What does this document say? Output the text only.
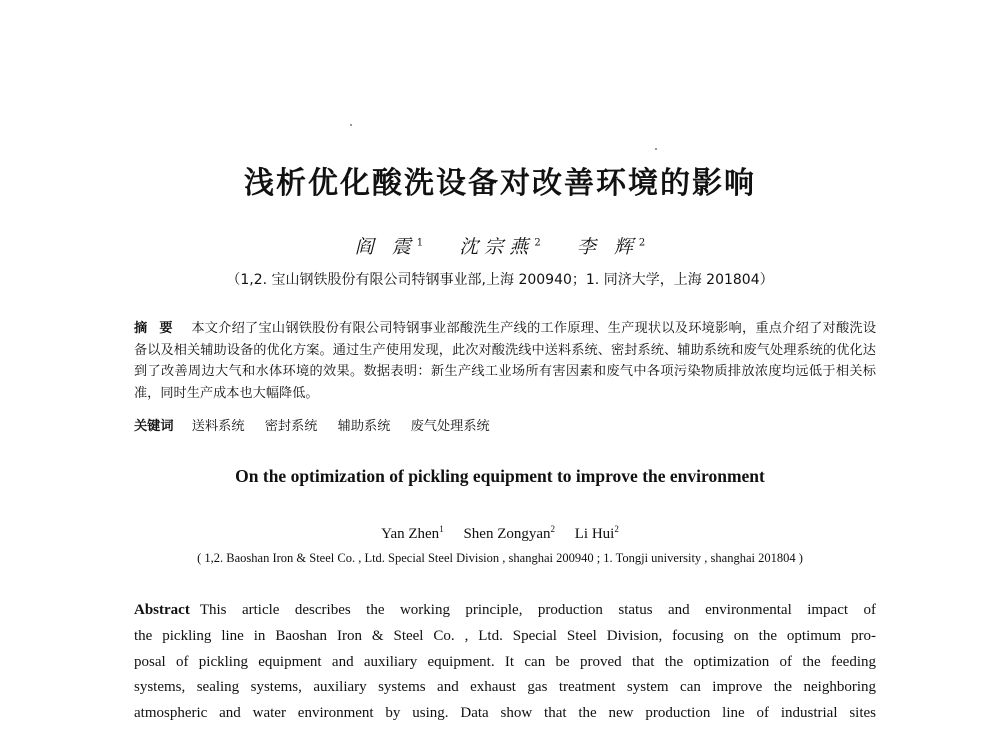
浅析优化酸洗设备对改善环境的影响
阎 震$^1$ 沈宗燕$^2$ 李 辉$^2$
（1,2. 宝山钢铁股份有限公司特钢事业部,上海 200940；1. 同济大学，上海 201804）
摘要 本文介绍了宝山钢铁股份有限公司特钢事业部酸洗生产线的工作原理、生产现状以及环境影响，重点介绍了对酸洗设备以及相关辅助设备的优化方案。通过生产使用发现，此次对酸洗线中送料系统、密封系统、辅助系统和废气处理系统的优化达到了改善周边大气和水体环境的效果。数据表明：新生产线工业场所有害因素和废气中各项污染物质排放浓度均远低于相关标准，同时生产成本也大幅降低。
关键词 送料系统 密封系统 辅助系统 废气处理系统
On the optimization of pickling equipment to improve the environment
Yan Zhen$^1$ Shen Zongyan$^2$ Li Hui$^2$
( 1,2. Baoshan Iron & Steel Co. , Ltd. Special Steel Division , shanghai 200940 ; 1. Tongji university , shanghai 201804 )
Abstract This article describes the working principle, production status and environmental impact of
the pickling line in Baoshan Iron & Steel Co. , Ltd. Special Steel Division, focusing on the optimum pro-
posal of pickling equipment and auxiliary equipment. It can be proved that the optimization of the feeding
systems, sealing systems, auxiliary systems and exhaust gas treatment system can improve the neighboring
atmospheric and water environment by using. Data show that the new production line of industrial sites
